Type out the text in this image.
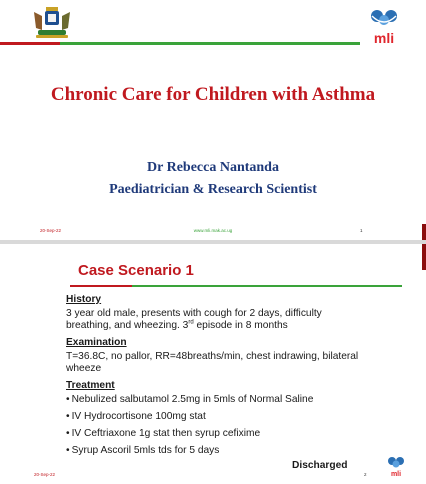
mli
Chronic Care for Children with Asthma
Dr Rebecca Nantanda
Paediatrician & Research Scientist
20-Sep-22	www.mli.mak.ac.ug	1
Case Scenario 1
History
3 year old male, presents with cough for 2 days, difficulty breathing, and wheezing. 3rd episode in 8 months
Examination
T=36.8C, no pallor, RR=48breaths/min, chest indrawing, bilateral wheeze
Treatment
• Nebulized salbutamol 2.5mg in 5mls of Normal Saline
• IV Hydrocortisone 100mg stat
• IV Ceftriaxone 1g stat then syrup cefixime
• Syrup Ascoril 5mls tds for 5 days
Discharged
20-Sep-22	2	mli
